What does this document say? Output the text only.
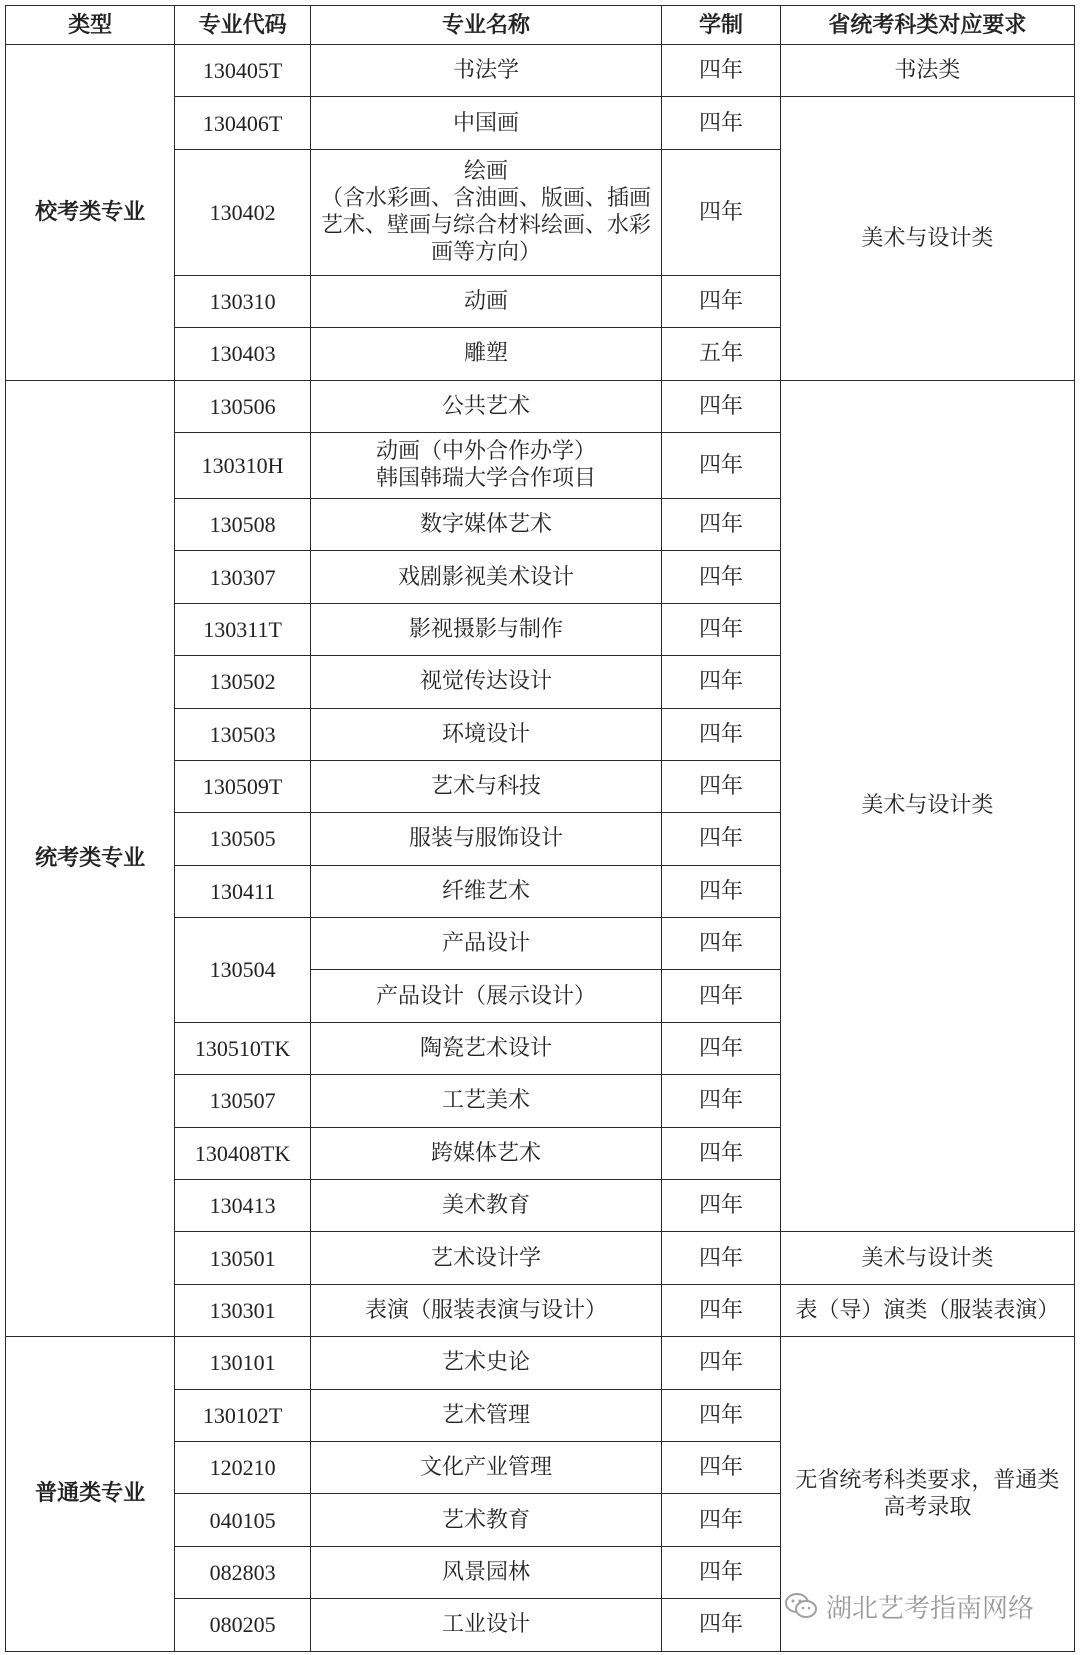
类型	专业代码	专业名称	学制	省统考科类对应要求
校考类专业	130405T	书法学	四年	书法类
	130406T	中国画	四年	美术与设计类
	130402	绘画
（含水彩画、含油画、版画、插画
艺术、壁画与综合材料绘画、水彩
画等方向）	四年	
	130310	动画	四年	
	130403	雕塑	五年	
统考类专业	130506	公共艺术	四年	美术与设计类
	130310H	动画（中外合作办学）
韩国韩瑞大学合作项目	四年	
	130508	数字媒体艺术	四年	
	130307	戏剧影视美术设计	四年	
	130311T	影视摄影与制作	四年	
	130502	视觉传达设计	四年	
	130503	环境设计	四年	
	130509T	艺术与科技	四年	
	130505	服装与服饰设计	四年	
	130411	纤维艺术	四年	
	130504	产品设计	四年	
		产品设计（展示设计）	四年	
	130510TK	陶瓷艺术设计	四年	
	130507	工艺美术	四年	
	130408TK	跨媒体艺术	四年	
	130413	美术教育	四年	
	130501	艺术设计学	四年	美术与设计类
	130301	表演（服装表演与设计）	四年	表（导）演类（服装表演）
普通类专业	130101	艺术史论	四年	无省统考科类要求，普通类
高考录取

	130102T	艺术管理	四年	
	120210	文化产业管理	四年	
	040105	艺术教育	四年	
	082803	风景园林	四年	
	080205	工业设计	四年	
湖北艺考指南网络
